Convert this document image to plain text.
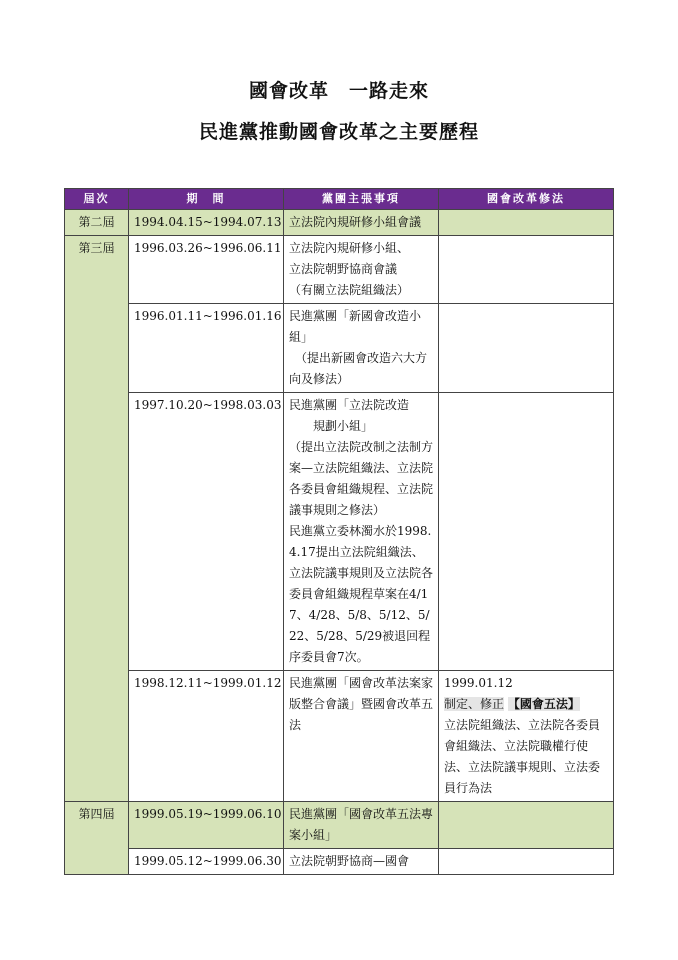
國會改革　一路走來
民進黨推動國會改革之主要歷程
屆次	期　間	黨團主張事項	國會改革修法
第二屆	1994.04.15~1994.07.13	立法院內規研修小組會議	

第三屆	1996.03.26~1996.06.11	立法院內規研修小組、
立法院朝野協商會議
（有關立法院組織法）	

	1996.01.11~1996.01.16	民進黨團「新國會改造小組」
　（提出新國會改造六大方向及修法）	

	1997.10.20~1998.03.03	民進黨團「立法院改造
　　規劃小組」
（提出立法院改制之法制方案—立法院組織法、立法院各委員會組織規程、立法院議事規則之修法）
民進黨立委林濁水於1998.4.17提出立法院組織法、立法院議事規則及立法院各委員會組織規程草案在4/17、4/28、5/8、5/12、5/22、5/28、5/29被退回程序委員會7次。	

	1998.12.11~1999.01.12	民進黨團「國會改革法案家版整合會議」暨國會改革五法	1999.01.12
制定、修正 【國會五法】
立法院組織法、立法院各委員會組織法、立法院職權行使法、立法院議事規則、立法委員行為法

第四屆	1999.05.19~1999.06.10	民進黨團「國會改革五法專案小組」	

	1999.05.12~1999.06.30	立法院朝野協商—國會	
